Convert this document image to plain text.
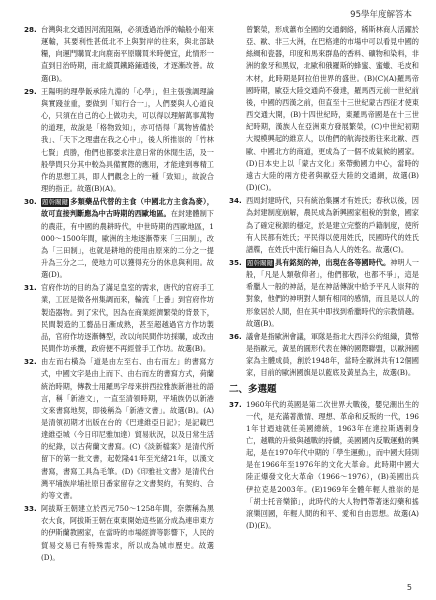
95學年度解答本
28. 台灣與北交通因河流阻隔，必須透過治淨的輸般小船來運輸，其要利性甚低北不上與對岸的往來，與北部缺糧，向運門購買北向鹿南平原購買米時便宜，此情形一直到日治時期，南北縱貫鐵路鋪通後，才逐漸改善。故選(B)。
29. 王陽明的理學飯承陸九淵的「心學」，但主張強調理論與實踐並重，要做到「知行合一」，人們要與人心道良心，只須在自己的心上做功夫，可以得以理解萬事萬物的道理，故說是「格物致知」，亦可悟得「萬物皆備於我」、「天下之理盡在我之心中」，後人所推崇的「竹林七賢」貞勝，他們也都要求注意日常的休閒生活，及一般學問只分其中較為具備實際的應用，才能達到專精工作的思想工具，即人們觀念上的一種「致知」，故說合理的指正。故選(B)(A)。
30. 題幹關鍵 多類藥品代替的主食（中國北方主食為麥），故可直接判斷應為中古時期的西歐地區。在封建體制下的農莊，有中國的農耕時代，中世時期的西歐地區，1000～1500年間，歐洲的主地逐漸帶來「三田制」，改為「三田制」，也就是耕地的使用由原來的二分之一提升為三分之二，使地力可以獲得充分的休息與利用。故選(D)。
31. 官府作坊的目的為了滿足皇室的需求，唐代的官府手工業，工匠是徵各州集調而來，輪流「上番」到官府作坊製造器物。到了宋代，因為在商業經濟繁榮的背景下，民間製造的工藝品日漸成熟，甚至超越過官方作坊製品，官府作坊逐漸轉型，改以向民間作坊採購，或改由民間作坊承攬，政府便不再經營手工作坊。故選(B)。
32. 由左而右橫為「道是由左至右、由右而左」的書寫方式，中國文字是由上而下、由右而左的書寫方式，荷蘭統治時期，傳教士用羅馬字母來拼西拉雅族新港社的語言，稱「新港文」，一直至清領時期，平埔族仍以新港文來書寫地契，即後稱為「新港文書」。故選(B)。(A)是清領初期才出版在台的《巴達維亞日記》；是記載巴達維亞城（今日印尼雅加達）貿易狀況，以及日常生活的紀錄，以古荷蘭文書寫。(C)《淡新檔案》是清代所留下的第一批文書，起乾隆41年至光緒21年，以漢文書寫，書寫工具為毛筆。(D)《印雅社文書》是清代台灣平埔族岸埔社原日番家留存之文書契約，有契約、合約等文書。
33. 阿拔斯王朝建立於西元750～1258年間，奈禦稱為黑衣大食，阿拔斯王朝在東東開始這些區分成為連串東方的伊斯蘭教國家，在當時的市場經濟等影響下，人民的貿易交易已有特殊需求，所以成為城市歷史。故選(D)。
曾繁榮，形成蕭布全國的交通網絡，稀斯林商人活躍於亞、歐、非三大洲，在巴格達的市場中可以看見中國的絲綢和瓷器，印度和馬來群島的香料、礦物和染料，非洲的象牙和黑奴，北歐和俄羅斯的蜂蜜、蜜蠟、毛皮和木材，此時期是阿拉伯世界的盛世。(B)(C)(A)羅馬帝國時期，歐亞大陸交通尚不發達，羅馬西元前一世紀前後，中國的西漢之前，但直至十三世紀蒙古西征才使東西交通大開，(B)十四世紀時，東羅馬帝國是在十三世紀時期，漢族人在亞洲東方發展繁榮，(C)中世紀初期大規模興起的維京人，以他們的航海技術往來北歐、西歐、中國北方的商道，更成為了一個不成氣候的國家。(D)日本史上以「蒙古文化」來帶動國力中心，當時的遠古大陸的兩方使者與歐亞大陸的交通網，故選(B)(D)(C)。
34. 西周封建時代，只有統治集團才有姓氏；春秋以後，因為封建制度崩解，農民成為新興國家租稅的對象，國家為了確定稅源的穩定，於是建立完整的戶籍制度，使所有人民都有姓氏；平民得以使用姓氏，民國時代的姓氏譜牒，在姓氏中流行編目為人人的姓名。故選(C)。
35. 題幹關鍵 具有銘刻的神，出現在各等國時代。神明人一般，「凡是人類敬仰者」，他們都敬，也都不爭」，這是希臘人一般的神話，是在神話傳說中給予平凡人崇拜的對象，他們的神明對人類有相同的感情，而且是以人的形象居於人間，但在其中即找到希臘時代的宗教情趣。故選(B)。
36. 議會是指歐洲會議，軍隊是指北大西洋公約組織，貨幣是指歐元，黃星的圓形代表在傳的國際聯盟，以歐洲國家為主體成員，創於1948年，當時全歐洲共有12個國家，目前的歐洲國旗是以藍底及黃星為主，故選(B)。
二、多選題
37. 1960年代的英國是第二次世界大戰後，嬰兒潮出生的一代，是充滿著激情、理想、革命和反叛的一代，1961年甘迺迪就任美國總統，1963年在達拉斯遇刺身亡，越戰的升級與越戰的持續，美國國內反戰運動的興起，是在1970年代中期的「學生運動」，而中國大陸則是在1966年至1976年的文化大革命。此時期中國大陸正爆發文化大革命（1966～1976），(B)美國出兵伊拉克是2003年。(E)1969年全體年輕人推崇的是「胡士托音樂節」，此時代的大人物們帶著迷幻藥和搖滾樂回國，年輕人間的和平、愛和自由思想。故選(A)(D)(E)。
5
